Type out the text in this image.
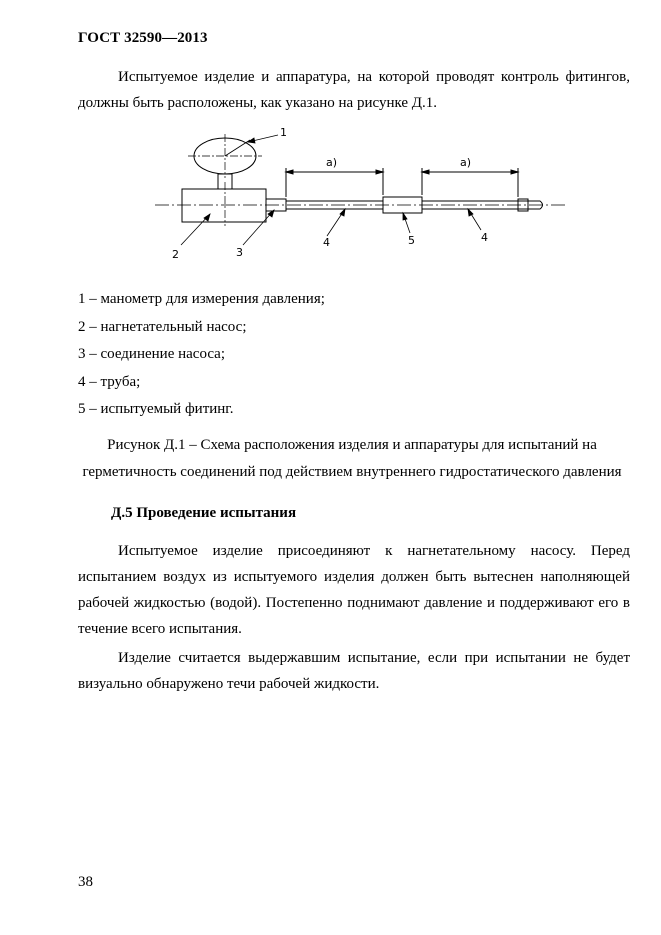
ГОСТ 32590—2013
Испытуемое изделие и аппаратура, на которой проводят контроль фитингов, должны быть расположены, как указано на рисунке Д.1.
1
2	3
4	5	4
a)	a)
1 – манометр для измерения давления;
2 – нагнетательный насос;
3 – соединение насоса;
4 – труба;
5 – испытуемый фитинг.
Рисунок Д.1 – Схема расположения изделия и аппаратуры для испытаний на герметичность соединений под действием внутреннего гидростатического давления
Д.5 Проведение испытания
Испытуемое изделие присоединяют к нагнетательному насосу. Перед испытанием воздух из испытуемого изделия должен быть вытеснен наполняющей рабочей жидкостью (водой). Постепенно поднимают давление и поддерживают его в течение всего испытания.
Изделие считается выдержавшим испытание, если при испытании не будет визуально обнаружено течи рабочей жидкости.
38
